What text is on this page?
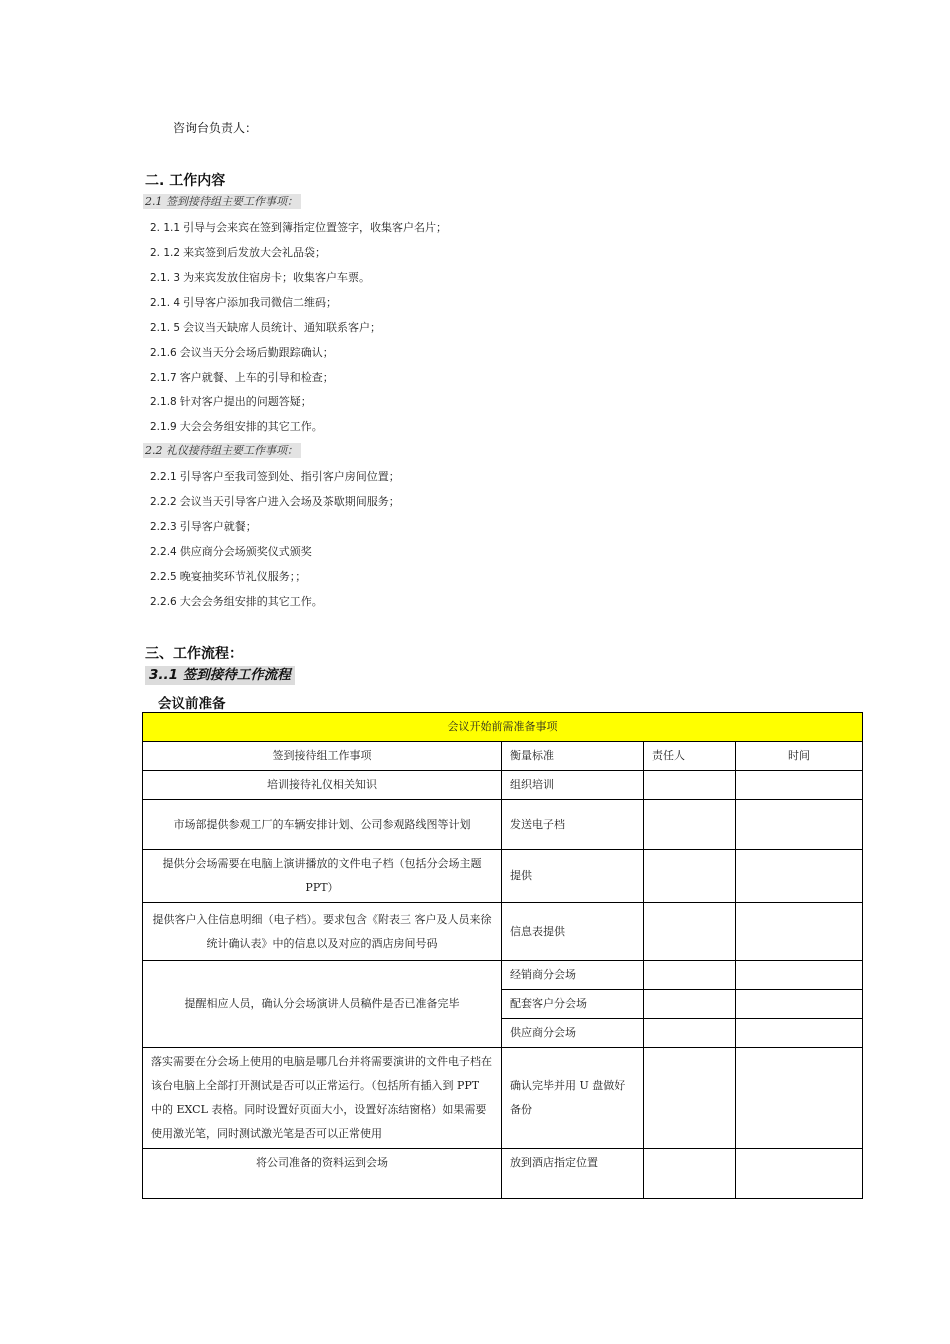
咨询台负责人：
二. 工作内容
2.1 签到接待组主要工作事项：
2. 1.1 引导与会来宾在签到簿指定位置签字，收集客户名片；
2. 1.2 来宾签到后发放大会礼品袋；
2.1. 3 为来宾发放住宿房卡；收集客户车票。
2.1. 4 引导客户添加我司微信二维码；
2.1. 5 会议当天缺席人员统计、通知联系客户；
2.1.6 会议当天分会场后勤跟踪确认；
2.1.7 客户就餐、上车的引导和检查；
2.1.8 针对客户提出的问题答疑；
2.1.9 大会会务组安排的其它工作。
2.2 礼仪接待组主要工作事项：
2.2.1 引导客户至我司签到处、指引客户房间位置；
2.2.2 会议当天引导客户进入会场及茶歇期间服务；
2.2.3 引导客户就餐；
2.2.4 供应商分会场颁奖仪式颁奖
2.2.5 晚宴抽奖环节礼仪服务；；
2.2.6 大会会务组安排的其它工作。
三、工作流程：
3..1 签到接待工作流程
会议前准备
会议开始前需准备事项			
签到接待组工作事项	衡量标准	责任人	时间
培训接待礼仪相关知识	组织培训		
市场部提供参观工厂的车辆安排计划、公司参观路线图等计划	发送电子档		
提供分会场需要在电脑上演讲播放的文件电子档（包括分会场主题 PPT）	提供		
提供客户入住信息明细（电子档）。要求包含《附表三 客户及人员来徐统计确认表》中的信息以及对应的酒店房间号码	信息表提供		
提醒相应人员，确认分会场演讲人员稿件是否已准备完毕	经销商分会场		
	配套客户分会场		
	供应商分会场		
落实需要在分会场上使用的电脑是哪几台并将需要演讲的文件电子档在该台电脑上全部打开测试是否可以正常运行。（包括所有插入到 PPT 中的 EXCL 表格。同时设置好页面大小，设置好冻结窗格）如果需要使用激光笔，同时测试激光笔是否可以正常使用	确认完毕并用 U 盘做好备份		
将公司准备的资料运到会场	放到酒店指定位置		
